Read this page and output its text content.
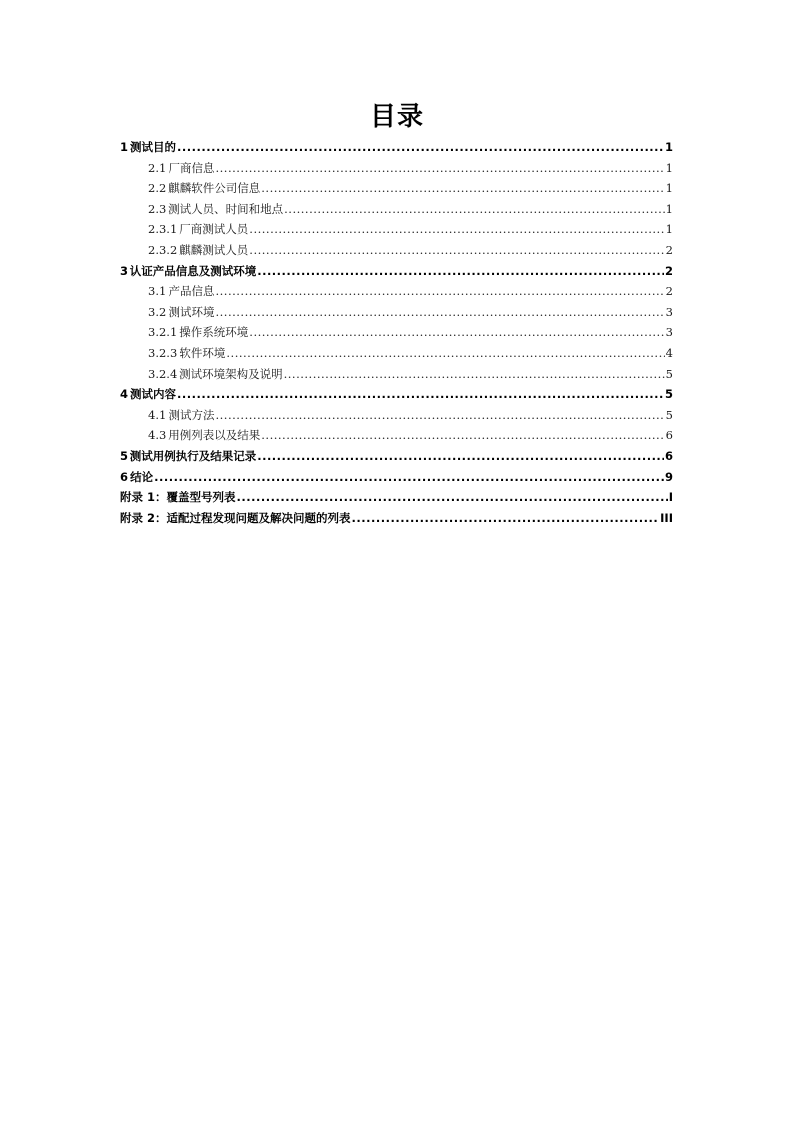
目录
1 测试目的 .....	1
2.1 厂商信息 .....	1
2.2 麒麟软件公司信息 .....	1
2.3 测试人员、时间和地点 .....	1
2.3.1 厂商测试人员 .....	1
2.3.2 麒麟测试人员 .....	2
3 认证产品信息及测试环境 .....	2
3.1 产品信息 .....	2
3.2 测试环境 .....	3
3.2.1 操作系统环境 .....	3
3.2.3 软件环境 .....	4
3.2.4 测试环境架构及说明 .....	5
4 测试内容 .....	5
4.1 测试方法 .....	5
4.3 用例列表以及结果 .....	6
5 测试用例执行及结果记录 .....	6
6 结论 .....	9
附录 1：覆盖型号列表 .....	I
附录 2：适配过程发现问题及解决问题的列表 .....	III
